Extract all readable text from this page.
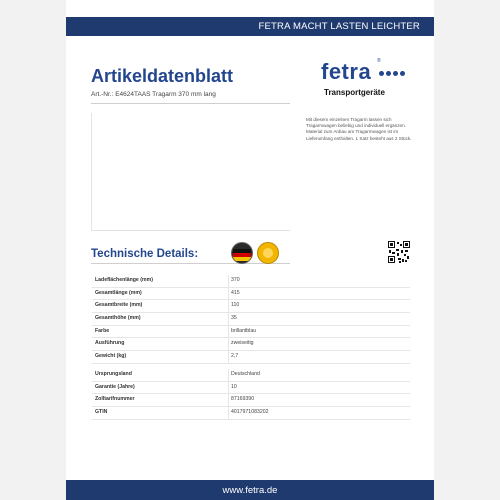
FETRA MACHT LASTEN LEICHTER
Artikeldatenblatt
Art.-Nr.: E4624TAAS Tragarm 370 mm lang
fetra ®
Transportgeräte
Mit diesem einzelnen Tragarm lassen sich Tragarmwagen beliebig und individuell ergänzen. Material zum Anbau am Tragarmwagen ist im Lieferumfang enthalten. 1 Satz besteht aus 2 Stück.
Technische Details:
Ladeflächenlänge (mm)	370
Gesamtlänge (mm)	415
Gesamtbreite (mm)	110
Gesamthöhe (mm)	35
Farbe	brillantblau
Ausführung	zweiseitig
Gewicht (kg)	2,7
Ursprungsland	Deutschland
Garantie (Jahre)	10
Zolltarifnummer	87169390
GTIN	4017971083202
www.fetra.de
